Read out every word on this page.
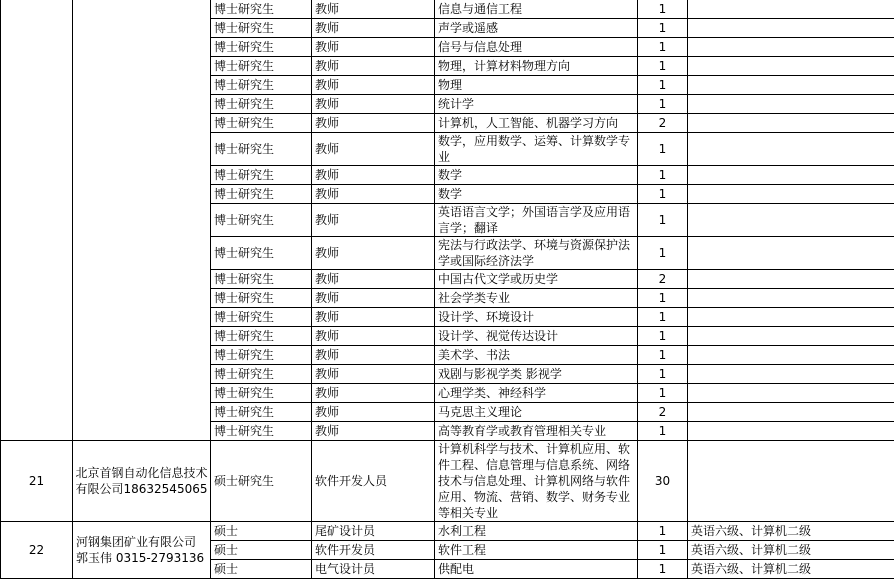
		博士研究生	教师	信息与通信工程	1	
		博士研究生	教师	声学或遥感	1	
		博士研究生	教师	信号与信息处理	1	
		博士研究生	教师	物理，计算材料物理方向	1	
		博士研究生	教师	物理	1	
		博士研究生	教师	统计学	1	
		博士研究生	教师	计算机，人工智能、机器学习方向	2	
		博士研究生	教师	数学，应用数学、运筹、计算数学专业	1	
		博士研究生	教师	数学	1	
		博士研究生	教师	数学	1	
		博士研究生	教师	英语语言文学；外国语言学及应用语言学；翻译	1	
		博士研究生	教师	宪法与行政法学、环境与资源保护法学或国际经济法学	1	
		博士研究生	教师	中国古代文学或历史学	2	
		博士研究生	教师	社会学类专业	1	
		博士研究生	教师	设计学、环境设计	1	
		博士研究生	教师	设计学、视觉传达设计	1	
		博士研究生	教师	美术学、书法	1	
		博士研究生	教师	戏剧与影视学类 影视学	1	
		博士研究生	教师	心理学类、神经科学	1	
		博士研究生	教师	马克思主义理论	2	
		博士研究生	教师	高等教育学或教育管理相关专业	1	
21	北京首钢自动化信息技术有限公司18632545065	硕士研究生	软件开发人员	计算机科学与技术、计算机应用、软件工程、信息管理与信息系统、网络技术与信息处理、计算机网络与软件应用、物流、营销、数学、财务专业等相关专业	30	
22	河钢集团矿业有限公司郭玉伟 0315-2793136	硕士	尾矿设计员	水利工程	1	英语六级、计算机二级
		硕士	软件开发员	软件工程	1	英语六级、计算机二级
		硕士	电气设计员	供配电	1	英语六级、计算机二级
